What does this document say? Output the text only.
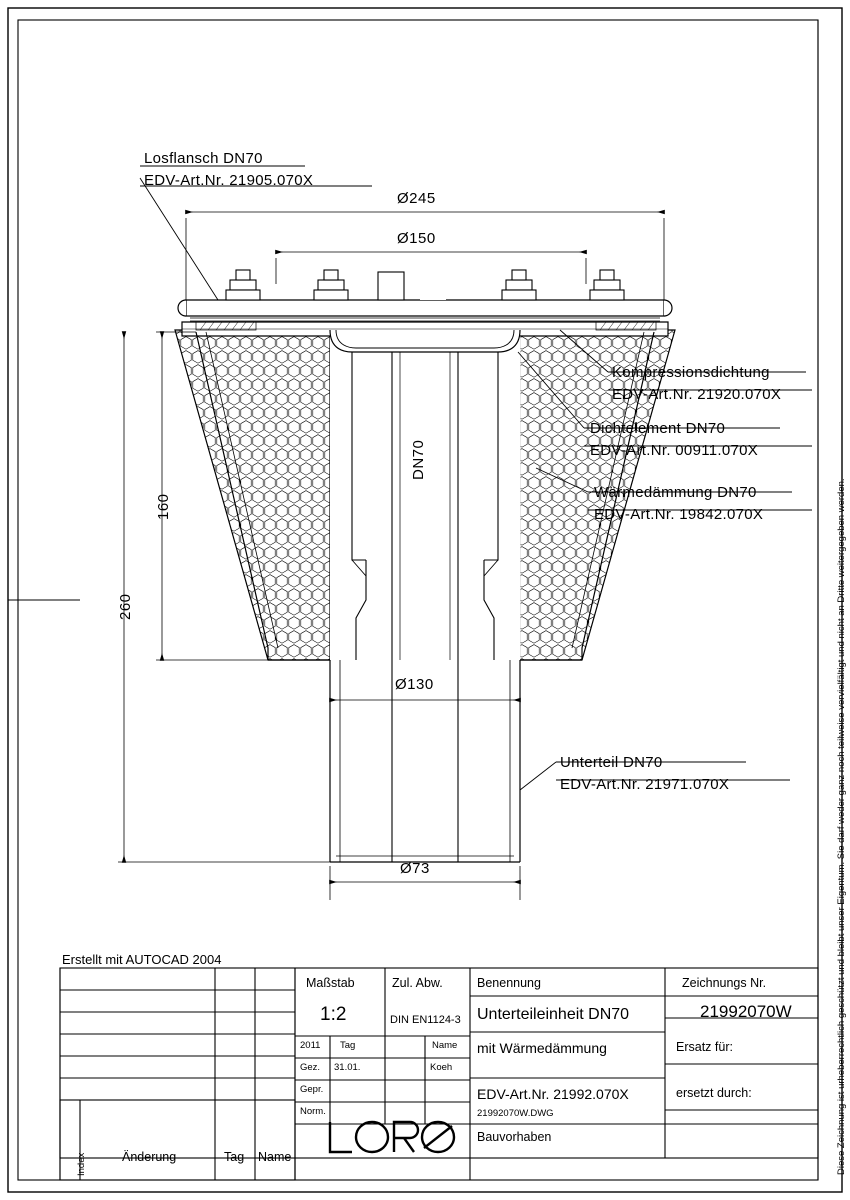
Losflansch DN70
EDV-Art.Nr. 21905.070X
Kompressionsdichtung
EDV-Art.Nr. 21920.070X
Dichtelement DN70
EDV-Art.Nr. 00911.070X
Wärmedämmung DN70
EDV-Art.Nr. 19842.070X
Unterteil DN70
EDV-Art.Nr. 21971.070X
Ø245
Ø150
Ø130
Ø73
160
260
DN70
Erstellt mit AUTOCAD 2004	Diese Zeichnung ist urheberrechtlich geschützt und bleibt unser Eigentum. Sie darf weder ganz noch teilweise vervielfältigt und nicht an Dritte weitergegeben werden.
Maßstab
1:2
Zul. Abw.
DIN EN1124-3
Benennung
Unterteileinheit DN70
mit Wärmedämmung
EDV-Art.Nr. 21992.070X
21992070W.DWG
Bauvorhaben
Zeichnungs Nr.
21992070W
Ersatz für:
ersetzt durch:
2011 Tag	Name
Gez. 31.01.	Koeh
Gepr.
Norm.
Index	Änderung	Tag Name
